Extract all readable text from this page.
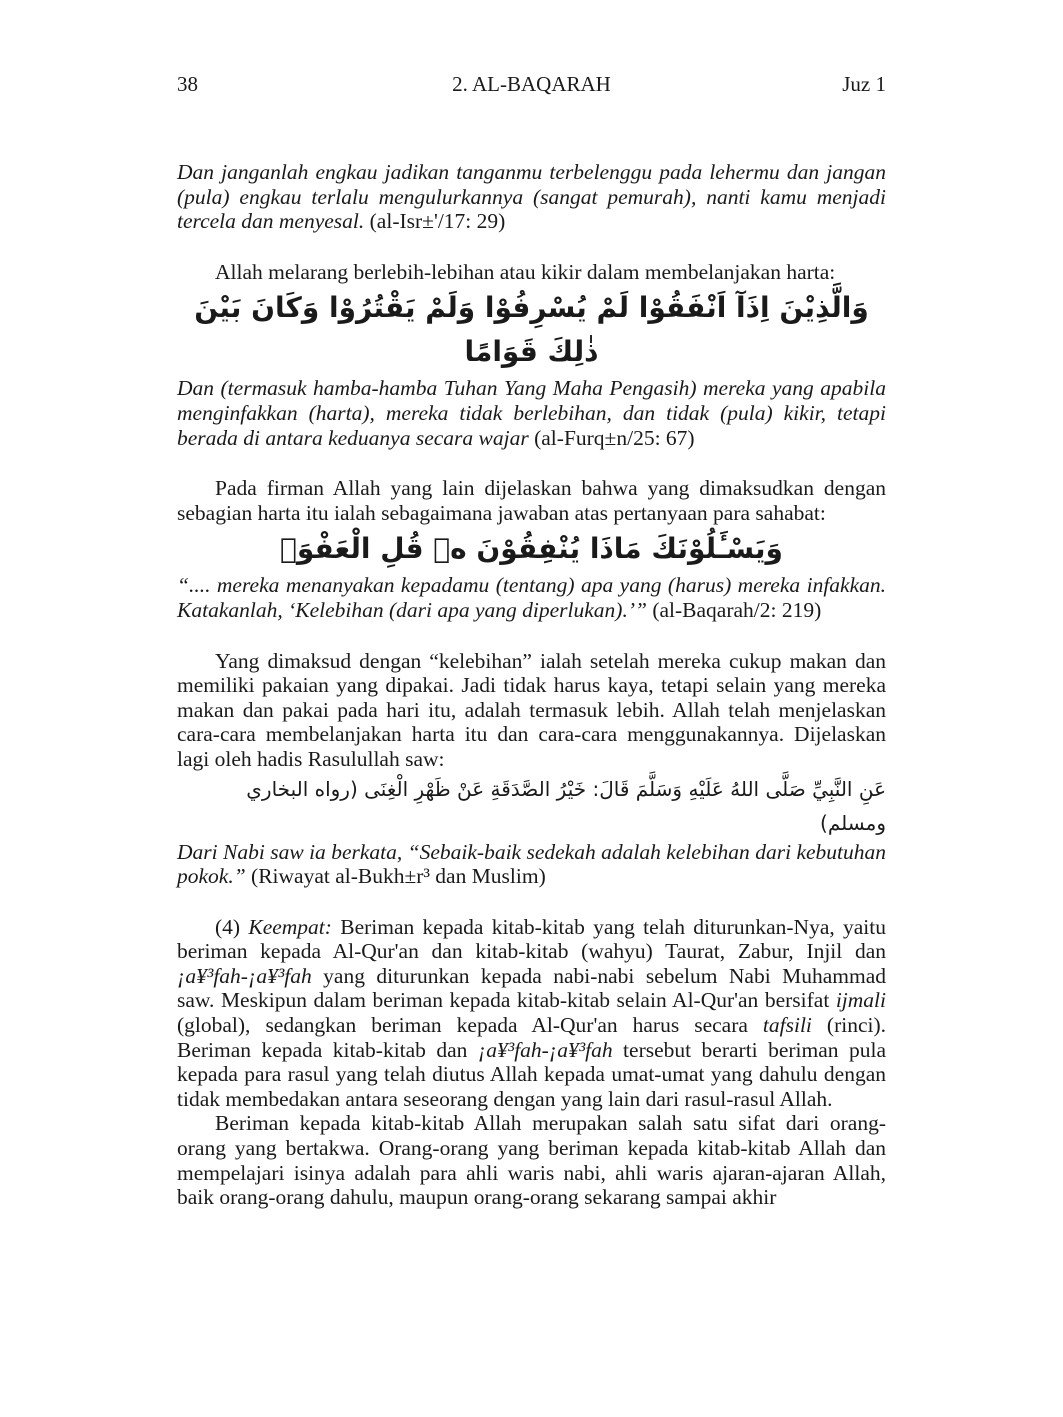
38	2. AL-BAQARAH	Juz 1

Dan janganlah engkau jadikan tanganmu terbelenggu pada lehermu dan jangan (pula) engkau terlalu mengulurkannya (sangat pemurah), nanti kamu menjadi tercela dan menyesal. (al-Isr±'/17: 29)

Allah melarang berlebih-lebihan atau kikir dalam membelanjakan harta:

وَالَّذِيْنَ اِذَآ اَنْفَقُوْا لَمْ يُسْرِفُوْا وَلَمْ يَقْتُرُوْا وَكَانَ بَيْنَ ذٰلِكَ قَوَامًا

Dan (termasuk hamba-hamba Tuhan Yang Maha Pengasih) mereka yang apabila menginfakkan (harta), mereka tidak berlebihan, dan tidak (pula) kikir, tetapi berada di antara keduanya secara wajar (al-Furq±n/25: 67)

Pada firman Allah yang lain dijelaskan bahwa yang dimaksudkan dengan sebagian harta itu ialah sebagaimana jawaban atas pertanyaan para sahabat:

وَيَسْـَٔلُوْنَكَ مَاذَا يُنْفِقُوْنَ ەۗ قُلِ الْعَفْوَۗ

“.... mereka menanyakan kepadamu (tentang) apa yang (harus) mereka infakkan. Katakanlah, ‘Kelebihan (dari apa yang diperlukan).’” (al-Baqarah/2: 219)

Yang dimaksud dengan “kelebihan” ialah setelah mereka cukup makan dan memiliki pakaian yang dipakai. Jadi tidak harus kaya, tetapi selain yang mereka makan dan pakai pada hari itu, adalah termasuk lebih. Allah telah menjelaskan cara-cara membelanjakan harta itu dan cara-cara menggunakannya. Dijelaskan lagi oleh hadis Rasulullah saw:

عَنِ النَّبِيِّ صَلَّى اللهُ عَلَيْهِ وَسَلَّمَ قَالَ: خَيْرُ الصَّدَقَةِ عَنْ ظَهْرِ الْغِنَى (رواه البخاري ومسلم)

Dari Nabi saw ia berkata, “Sebaik-baik sedekah adalah kelebihan dari kebutuhan pokok.” (Riwayat al-Bukh±r³ dan Muslim)

(4) Keempat: Beriman kepada kitab-kitab yang telah diturunkan-Nya, yaitu beriman kepada Al-Qur'an dan kitab-kitab (wahyu) Taurat, Zabur, Injil dan ¡a¥³fah-¡a¥³fah yang diturunkan kepada nabi-nabi sebelum Nabi Muhammad saw. Meskipun dalam beriman kepada kitab-kitab selain Al-Qur'an bersifat ijmali (global), sedangkan beriman kepada Al-Qur'an harus secara tafsili (rinci). Beriman kepada kitab-kitab dan ¡a¥³fah-¡a¥³fah tersebut berarti beriman pula kepada para rasul yang telah diutus Allah kepada umat-umat yang dahulu dengan tidak membedakan antara seseorang dengan yang lain dari rasul-rasul Allah.

Beriman kepada kitab-kitab Allah merupakan salah satu sifat dari orang-orang yang bertakwa. Orang-orang yang beriman kepada kitab-kitab Allah dan mempelajari isinya adalah para ahli waris nabi, ahli waris ajaran-ajaran Allah, baik orang-orang dahulu, maupun orang-orang sekarang sampai akhir
